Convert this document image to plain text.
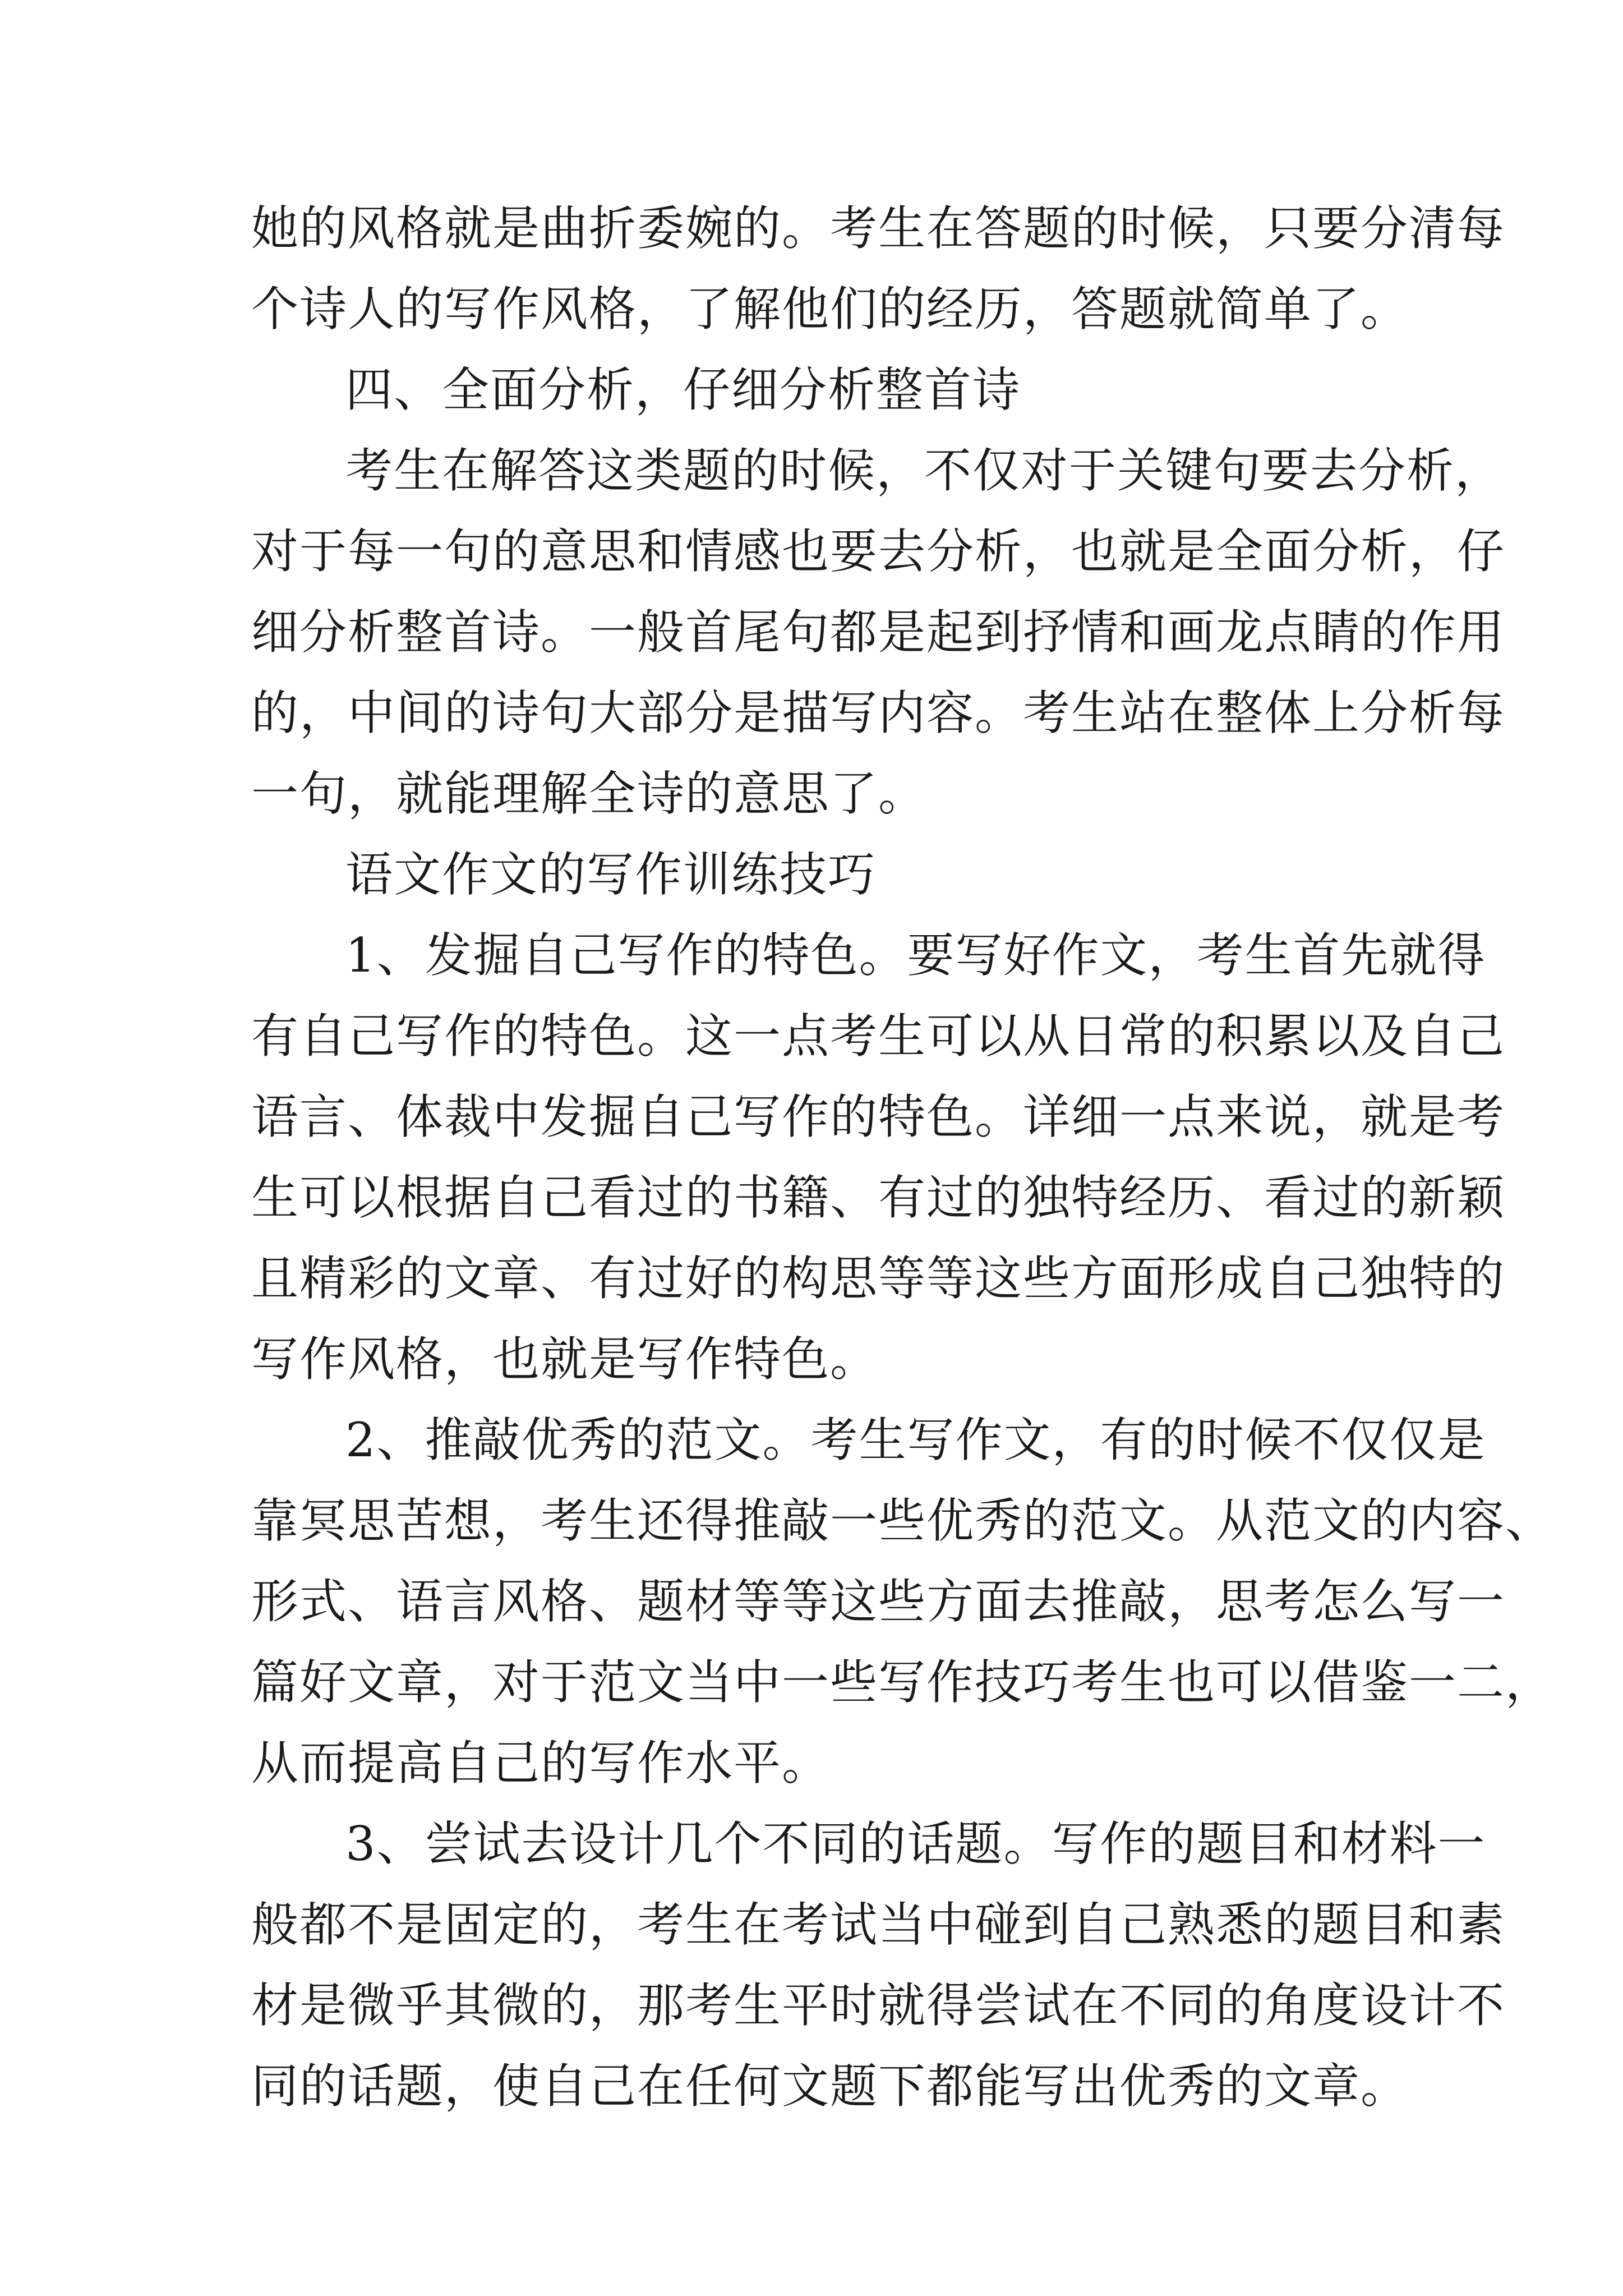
她的风格就是曲折委婉的。考生在答题的时候，只要分清每
个诗人的写作风格，了解他们的经历，答题就简单了。
四、全面分析，仔细分析整首诗
考生在解答这类题的时候，不仅对于关键句要去分析，
对于每一句的意思和情感也要去分析，也就是全面分析，仔
细分析整首诗。一般首尾句都是起到抒情和画龙点睛的作用
的，中间的诗句大部分是描写内容。考生站在整体上分析每
一句，就能理解全诗的意思了。
语文作文的写作训练技巧
1、发掘自己写作的特色。要写好作文，考生首先就得
有自己写作的特色。这一点考生可以从日常的积累以及自己
语言、体裁中发掘自己写作的特色。详细一点来说，就是考
生可以根据自己看过的书籍、有过的独特经历、看过的新颖
且精彩的文章、有过好的构思等等这些方面形成自己独特的
写作风格，也就是写作特色。
2、推敲优秀的范文。考生写作文，有的时候不仅仅是
靠冥思苦想，考生还得推敲一些优秀的范文。从范文的内容、
形式、语言风格、题材等等这些方面去推敲，思考怎么写一
篇好文章，对于范文当中一些写作技巧考生也可以借鉴一二，
从而提高自己的写作水平。
3、尝试去设计几个不同的话题。写作的题目和材料一
般都不是固定的，考生在考试当中碰到自己熟悉的题目和素
材是微乎其微的，那考生平时就得尝试在不同的角度设计不
同的话题，使自己在任何文题下都能写出优秀的文章。
